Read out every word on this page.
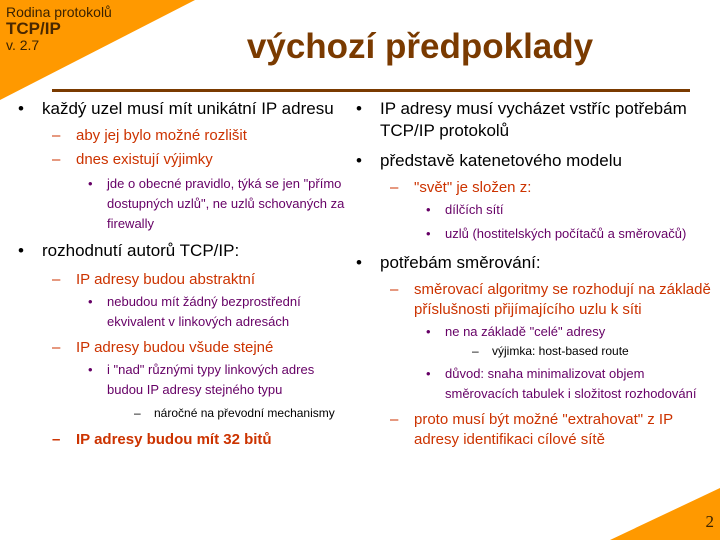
Rodina protokolů
TCP/IP
v. 2.7	výchozí předpoklady
• každý uzel musí mít unikátní IP adresu
– aby jej bylo možné rozlišit
– dnes existují výjimky
• jde o obecné pravidlo, týká se jen "přímo dostupných uzlů", ne uzlů schovaných za firewally
• rozhodnutí autorů TCP/IP:
– IP adresy budou abstraktní
• nebudou mít žádný bezprostřední ekvivalent v linkových adresách
– IP adresy budou všude stejné
• i "nad" různými typy linkových adres budou IP adresy stejného typu
– náročné na převodní mechanismy
– IP adresy budou mít 32 bitů
• IP adresy musí vycházet vstříc potřebám TCP/IP protokolů
• představě katenetového modelu
– "svět" je složen z:
• dílčích sítí
• uzlů (hostitelských počítačů a směrovačů)
• potřebám směrování:
– směrovací algoritmy se rozhodují na základě příslušnosti přijímajícího uzlu k síti
• ne na základě "celé" adresy
– výjimka: host-based route
• důvod: snaha minimalizovat objem směrovacích tabulek i složitost rozhodování
– proto musí být možné "extrahovat" z IP adresy identifikaci cílové sítě
2
